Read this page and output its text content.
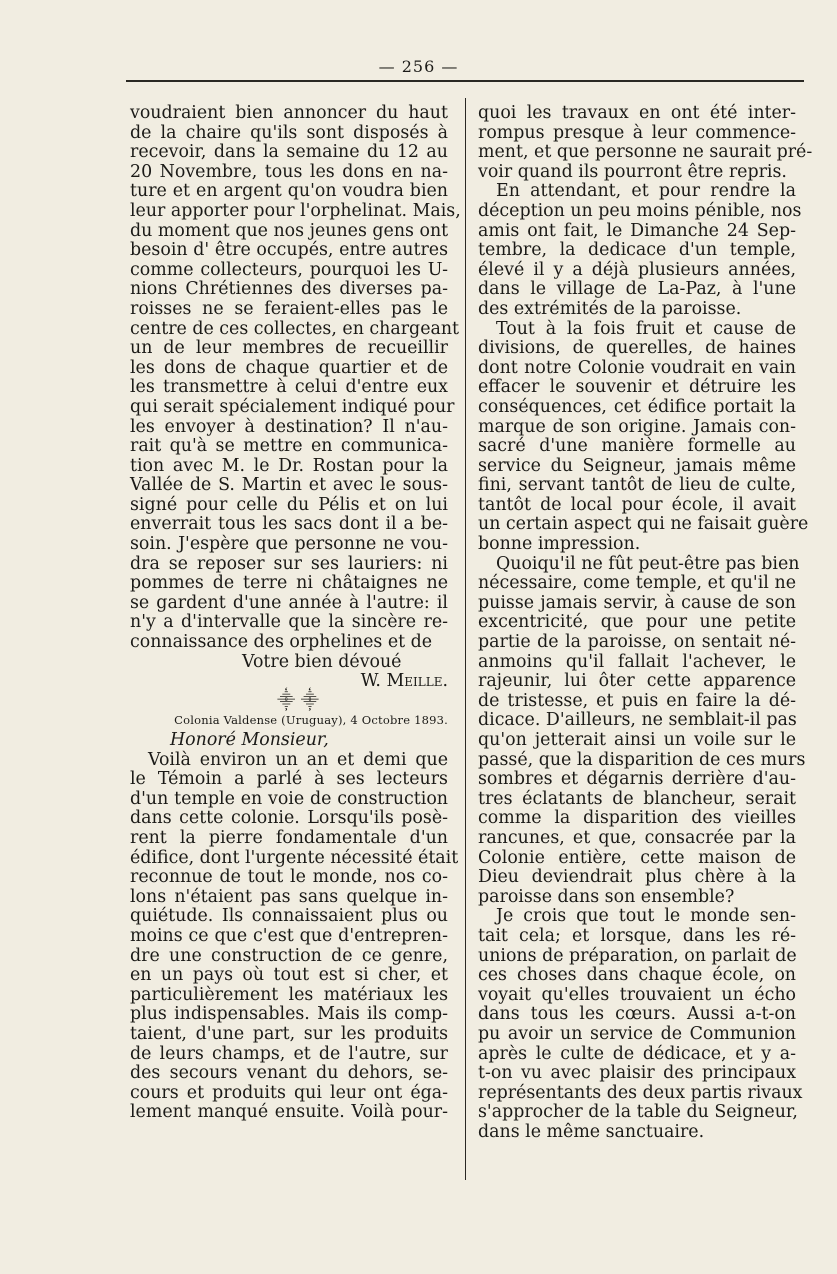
— 256 —
voudraient bien annoncer du haut
de la chaire qu'ils sont disposés à
recevoir, dans la semaine du 12 au
20 Novembre, tous les dons en na-
ture et en argent qu'on voudra bien
leur apporter pour l'orphelinat. Mais,
du moment que nos jeunes gens ont
besoin d' être occupés, entre autres
comme collecteurs, pourquoi les U-
nions Chrétiennes des diverses pa-
roisses ne se feraient-elles pas le
centre de ces collectes, en chargeant
un de leur membres de recueillir
les dons de chaque quartier et de
les transmettre à celui d'entre eux
qui serait spécialement indiqué pour
les envoyer à destination? Il n'au-
rait qu'à se mettre en communica-
tion avec M. le Dr. Rostan pour la
Vallée de S. Martin et avec le sous-
signé pour celle du Pélis et on lui
enverrait tous les sacs dont il a be-
soin. J'espère que personne ne vou-
dra se reposer sur ses lauriers: ni
pommes de terre ni châtaignes ne
se gardent d'une année à l'autre: il
n'y a d'intervalle que la sincère re-
connaissance des orphelines et de
Votre bien dévoué
W. Meille.
⸎ ⸎
Colonia Valdense (Uruguay), 4 Octobre 1893.
Honoré Monsieur,
Voilà environ un an et demi que
le Témoin a parlé à ses lecteurs
d'un temple en voie de construction
dans cette colonie. Lorsqu'ils posè-
rent la pierre fondamentale d'un
édifice, dont l'urgente nécessité était
reconnue de tout le monde, nos co-
lons n'étaient pas sans quelque in-
quiétude. Ils connaissaient plus ou
moins ce que c'est que d'entrepren-
dre une construction de ce genre,
en un pays où tout est si cher, et
particulièrement les matériaux les
plus indispensables. Mais ils comp-
taient, d'une part, sur les produits
de leurs champs, et de l'autre, sur
des secours venant du dehors, se-
cours et produits qui leur ont éga-
lement manqué ensuite. Voilà pour-
quoi les travaux en ont été inter-
rompus presque à leur commence-
ment, et que personne ne saurait pré-
voir quand ils pourront être repris.
En attendant, et pour rendre la
déception un peu moins pénible, nos
amis ont fait, le Dimanche 24 Sep-
tembre, la dedicace d'un temple,
élevé il y a déjà plusieurs années,
dans le village de La-Paz, à l'une
des extrémités de la paroisse.
Tout à la fois fruit et cause de
divisions, de querelles, de haines
dont notre Colonie voudrait en vain
effacer le souvenir et détruire les
conséquences, cet édifice portait la
marque de son origine. Jamais con-
sacré d'une manière formelle au
service du Seigneur, jamais même
fini, servant tantôt de lieu de culte,
tantôt de local pour école, il avait
un certain aspect qui ne faisait guère
bonne impression.
Quoiqu'il ne fût peut-être pas bien
nécessaire, come temple, et qu'il ne
puisse jamais servir, à cause de son
excentricité, que pour une petite
partie de la paroisse, on sentait né-
anmoins qu'il fallait l'achever, le
rajeunir, lui ôter cette apparence
de tristesse, et puis en faire la dé-
dicace. D'ailleurs, ne semblait-il pas
qu'on jetterait ainsi un voile sur le
passé, que la disparition de ces murs
sombres et dégarnis derrière d'au-
tres éclatants de blancheur, serait
comme la disparition des vieilles
rancunes, et que, consacrée par la
Colonie entière, cette maison de
Dieu deviendrait plus chère à la
paroisse dans son ensemble?
Je crois que tout le monde sen-
tait cela; et lorsque, dans les ré-
unions de préparation, on parlait de
ces choses dans chaque école, on
voyait qu'elles trouvaient un écho
dans tous les cœurs. Aussi a-t-on
pu avoir un service de Communion
après le culte de dédicace, et y a-
t-on vu avec plaisir des principaux
représentants des deux partis rivaux
s'approcher de la table du Seigneur,
dans le même sanctuaire.
